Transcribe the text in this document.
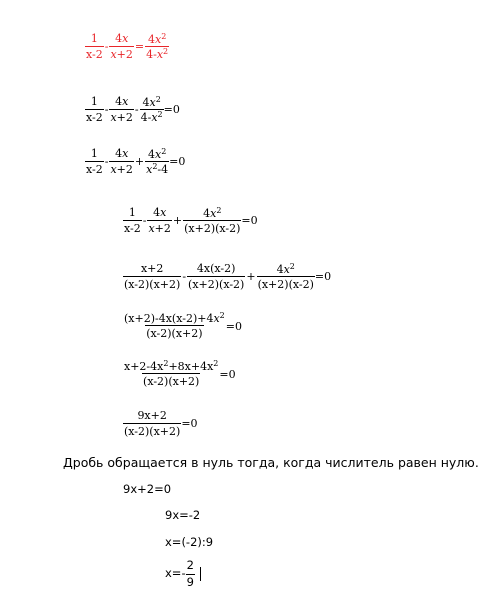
1
x-2
- $\frac{4x}{x+2} = \frac{4x^2}{4-x^2}$
1
x-2
-
4x
x+2
- $\frac{4x^2}{4-x^2} =0$
1
x-2
-
4x
x+2
+ $\frac{4x^2}{x^2-4} =0$
1
x-2
-
4x
x+2
+ $\frac{4x^2}{(x+2)(x-2)} =0$
x+2
(x-2)(x+2)
-
4x(x-2)
(x+2)(x-2)
+ $\frac{4x^2}{(x+2)(x-2)} =0$
$\frac{(x+2)-4x(x-2)+4x^2}{(x-2)(x+2)} =0$
$\frac{x+2-4x^2+8x+4x^2}{(x-2)(x+2)} =0$
$\frac{9x+2}{(x-2)(x+2)} =0$
Дробь обращается в нуль тогда, когда числитель равен нулю.
9x+2=0
9x=-2
x=(-2):9
x=-
2
9
